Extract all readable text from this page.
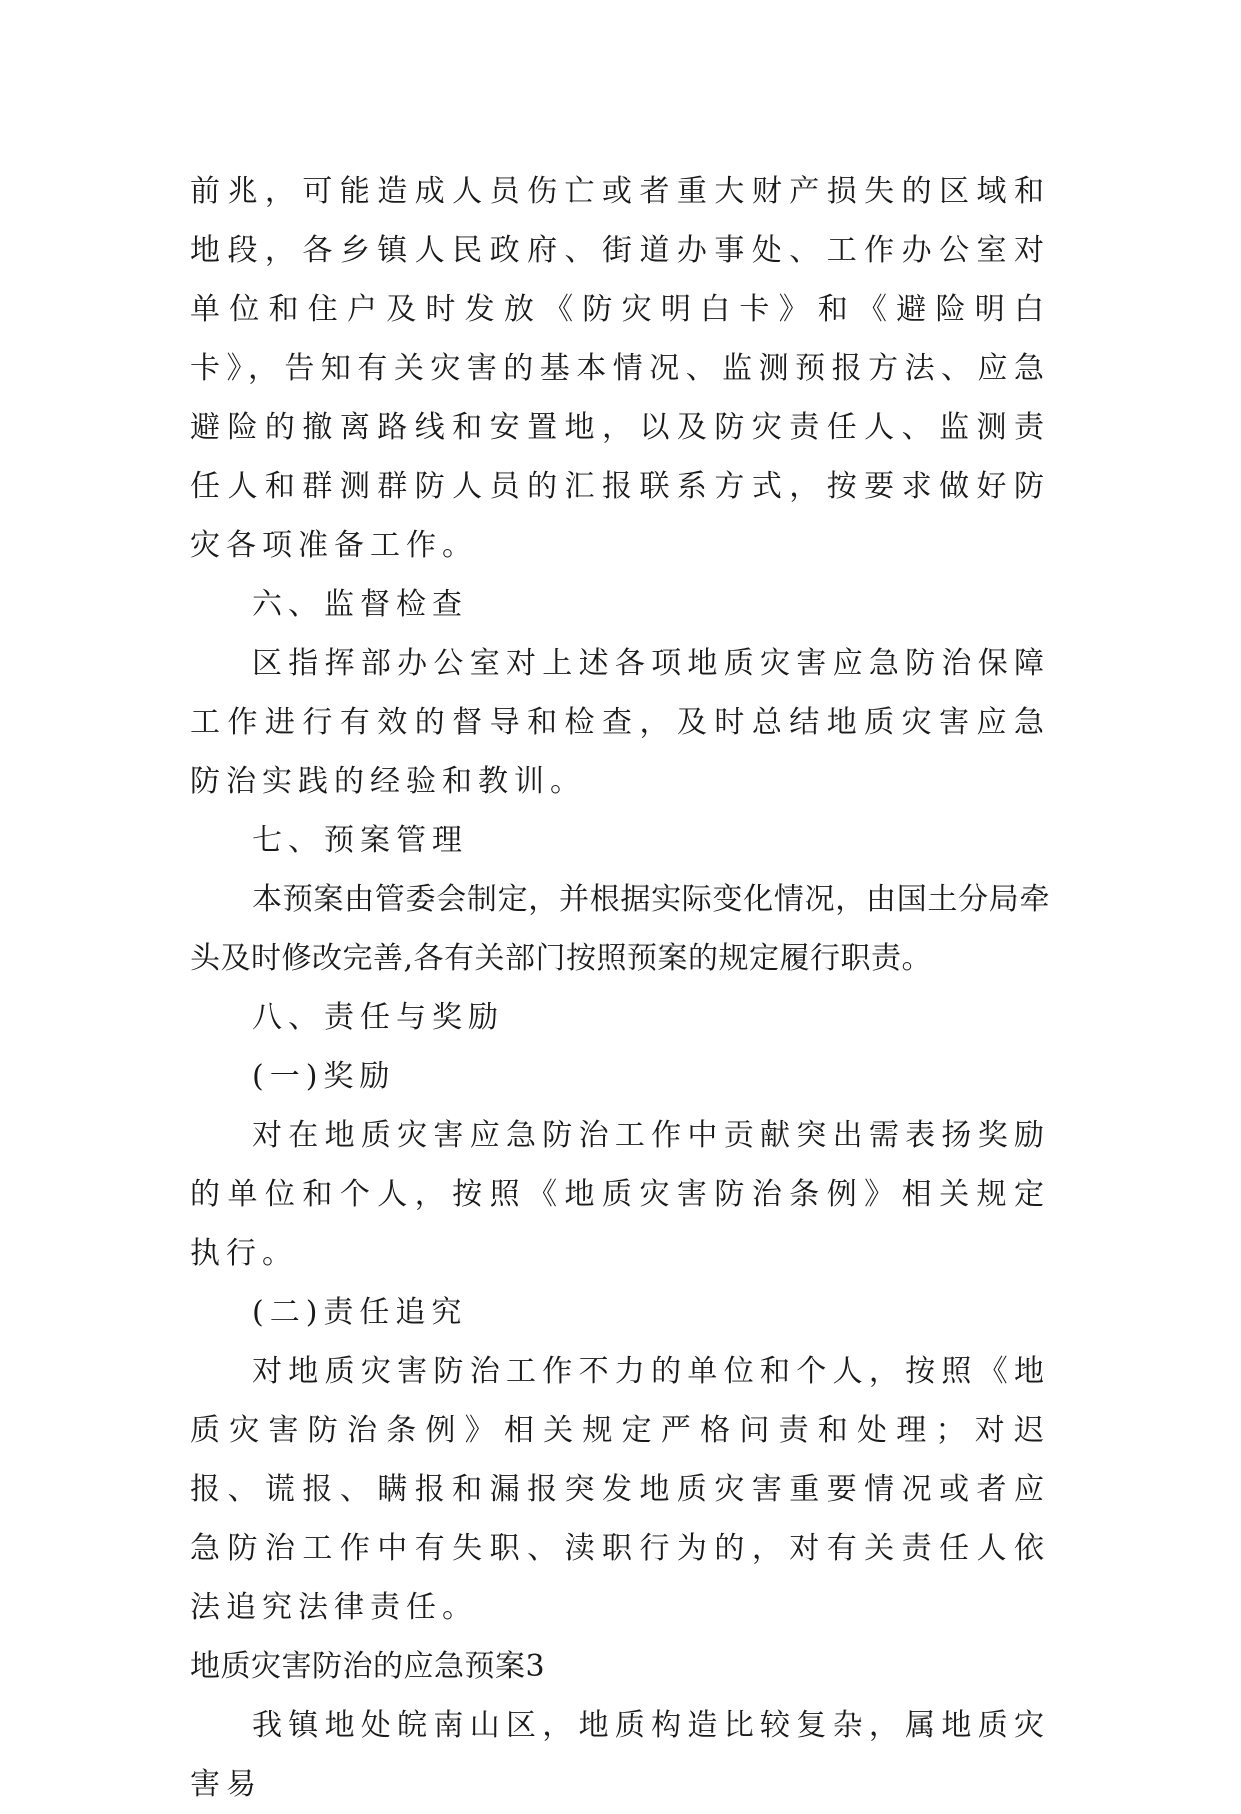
前兆，可能造成人员伤亡或者重大财产损失的区域和地段，各乡镇人民政府、街道办事处、工作办公室对单位和住户及时发放《防灾明白卡》和《避险明白卡》，告知有关灾害的基本情况、监测预报方法、应急避险的撤离路线和安置地，以及防灾责任人、监测责任人和群测群防人员的汇报联系方式，按要求做好防灾各项准备工作。

六、监督检查

区指挥部办公室对上述各项地质灾害应急防治保障工作进行有效的督导和检查，及时总结地质灾害应急防治实践的经验和教训。

七、预案管理

本预案由管委会制定，并根据实际变化情况，由国土分局牵头及时修改完善,各有关部门按照预案的规定履行职责。

八、责任与奖励

(一)奖励

对在地质灾害应急防治工作中贡献突出需表扬奖励的单位和个人，按照《地质灾害防治条例》相关规定执行。

(二)责任追究

对地质灾害防治工作不力的单位和个人，按照《地质灾害防治条例》相关规定严格问责和处理；对迟报、谎报、瞒报和漏报突发地质灾害重要情况或者应急防治工作中有失职、渎职行为的，对有关责任人依法追究法律责任。

地质灾害防治的应急预案3

我镇地处皖南山区，地质构造比较复杂，属地质灾害易
